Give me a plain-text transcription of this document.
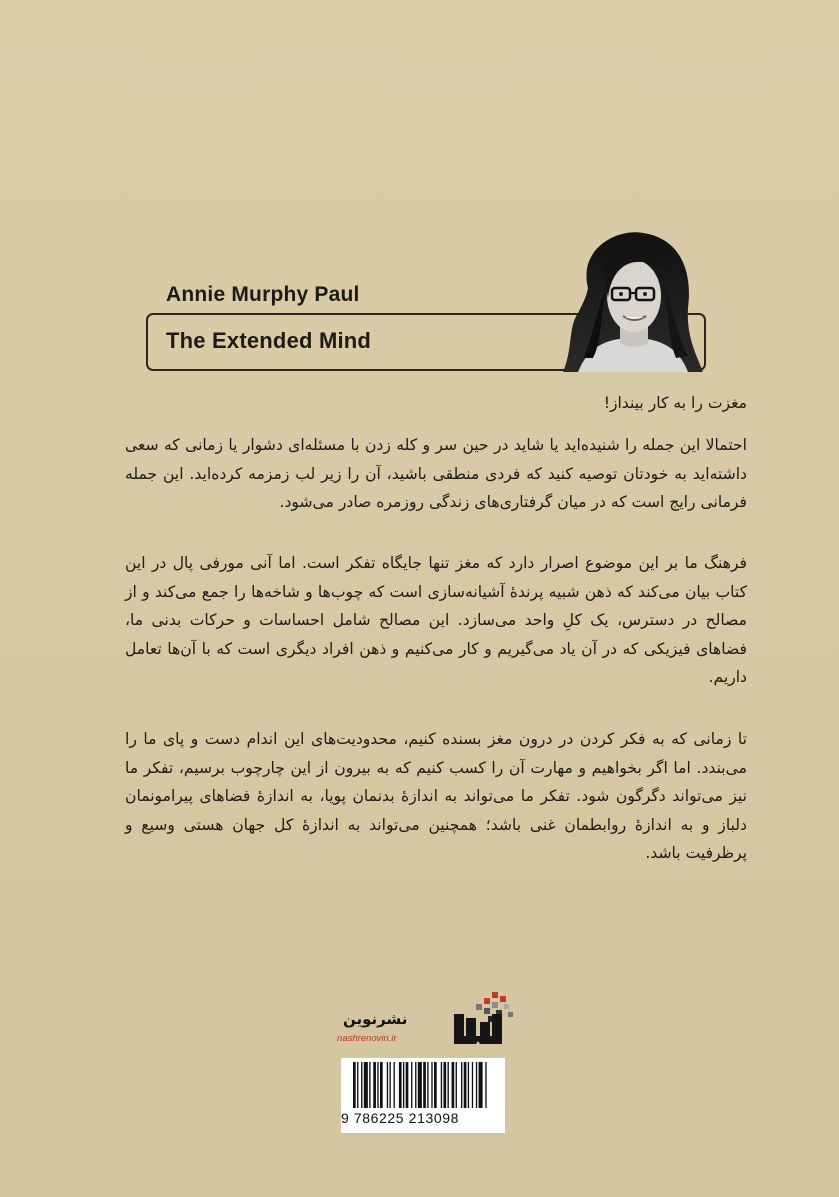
Annie Murphy Paul
The Extended Mind
مغزت را به کار بینداز!
احتمالا این جمله را شنیده‌اید یا شاید در حین سر و کله زدن با مسئله‌ای دشوار یا زمانی که سعی داشته‌اید به خودتان توصیه کنید که فردی منطقی باشید، آن را زیر لب زمزمه کرده‌اید. این جمله فرمانی رایج است که در میان گرفتاری‌های زندگی روزمره صادر می‌شود.
فرهنگ ما بر این موضوع اصرار دارد که مغز تنها جایگاه تفکر است. اما آنی مورفی پال در این کتاب بیان می‌کند که ذهن شبیه پرندۀ آشیانه‌سازی است که چوب‌ها و شاخه‌ها را جمع می‌کند و از مصالح در دسترس، یک کلِ واحد می‌سازد. این مصالح شامل احساسات و حرکات بدنی ما، فضاهای فیزیکی که در آن یاد می‌گیریم و کار می‌کنیم و ذهن افراد دیگری است که با آن‌ها تعامل داریم.
تا زمانی که به فکر کردن در درون مغز بسنده کنیم، محدودیت‌های این اندام دست و پای ما را می‌بندد. اما اگر بخواهیم و مهارت آن را کسب کنیم که به بیرون از این چارچوب برسیم، تفکر ما نیز می‌تواند دگرگون شود. تفکر ما می‌تواند به اندازۀ بدنمان پویا، به اندازۀ فضاهای پیرامونمان دلباز و به اندازۀ روابطمان غنی باشد؛ همچنین می‌تواند به اندازۀ کل جهان هستی وسیع و پرظرفیت باشد.
نشرنوین
nashrenovin.ir
9 786225 213098
